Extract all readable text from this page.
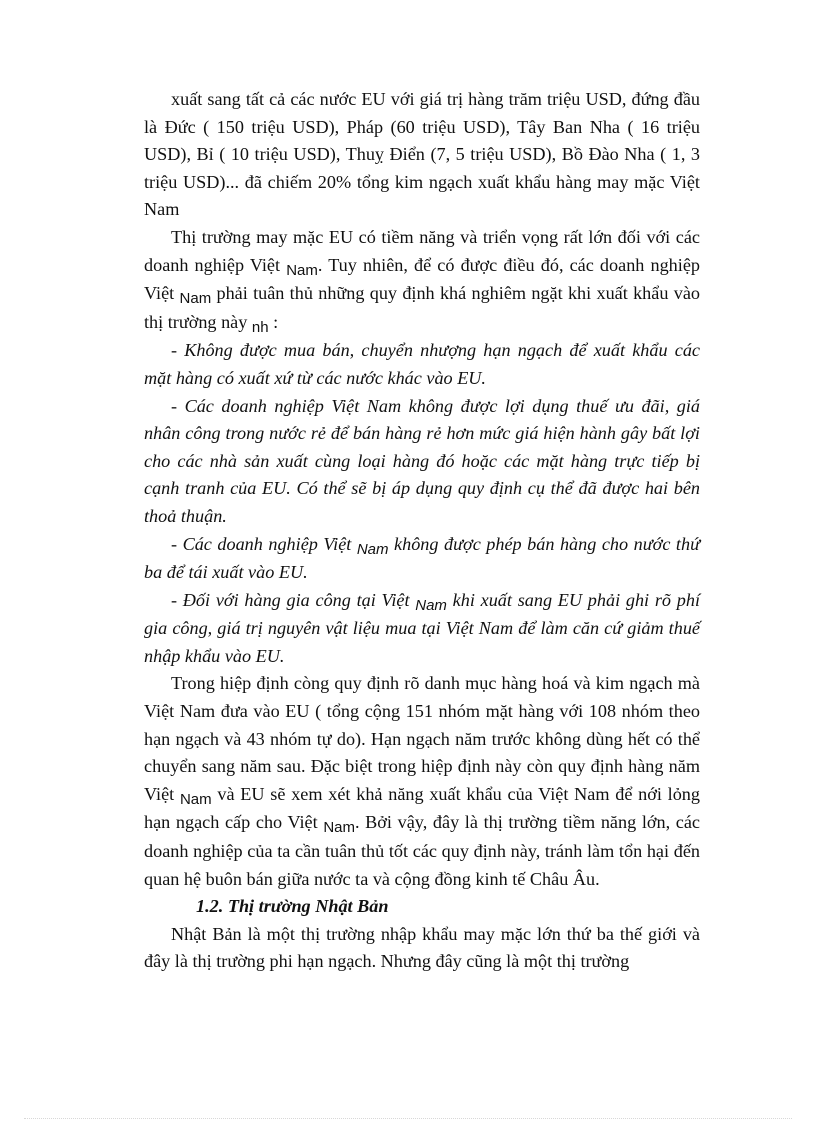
xuất sang tất cả các nước EU với giá trị hàng trăm triệu USD, đứng đầu là Đức ( 150 triệu USD), Pháp (60 triệu USD), Tây Ban Nha ( 16 triệu USD), Bỉ ( 10 triệu USD), Thuỵ Điển (7, 5 triệu USD), Bồ Đào Nha ( 1, 3 triệu USD)... đã chiếm 20% tổng kim ngạch xuất khẩu hàng may mặc Việt Nam

Thị trường may mặc EU có tiềm năng và triển vọng rất lớn đối với các doanh nghiệp Việt $_{Nam}$. Tuy nhiên, để có được điều đó, các doanh nghiệp Việt $_{Nam}$ phải tuân thủ những quy định khá nghiêm ngặt khi xuất khẩu vào thị trường này $_{nh}$ :

- Không được mua bán, chuyển nhượng hạn ngạch để xuất khẩu các mặt hàng có xuất xứ từ các nước khác vào EU.

- Các doanh nghiệp Việt Nam không được lợi dụng thuế ưu đãi, giá nhân công trong nước rẻ để bán hàng rẻ hơn mức giá hiện hành gây bất lợi cho các nhà sản xuất cùng loại hàng đó hoặc các mặt hàng trực tiếp bị cạnh tranh của EU. Có thể sẽ bị áp dụng quy định cụ thể đã được hai bên thoả thuận.

- Các doanh nghiệp Việt $_{Nam}$ không được phép bán hàng cho nước thứ ba để tái xuất vào EU.

- Đối với hàng gia công tại Việt $_{Nam}$ khi xuất sang EU phải ghi rõ phí gia công, giá trị nguyên vật liệu mua tại Việt Nam để làm căn cứ giảm thuế nhập khẩu vào EU.

Trong hiệp định còng quy định rõ danh mục hàng hoá và kim ngạch mà Việt Nam đưa vào EU ( tổng cộng 151 nhóm mặt hàng với 108 nhóm theo hạn ngạch và 43 nhóm tự do). Hạn ngạch năm trước không dùng hết có thể chuyển sang năm sau. Đặc biệt trong hiệp định này còn quy định hàng năm Việt $_{Nam}$ và EU sẽ xem xét khả năng xuất khẩu của Việt Nam để nới lỏng hạn ngạch cấp cho Việt $_{Nam}$. Bởi vậy, đây là thị trường tiềm năng lớn, các doanh nghiệp của ta cần tuân thủ tốt các quy định này, tránh làm tổn hại đến quan hệ buôn bán giữa nước ta và cộng đồng kinh tế Châu Âu.

1.2. Thị trường Nhật Bản

Nhật Bản là một thị trường nhập khẩu may mặc lớn thứ ba thế giới và đây là thị trường phi hạn ngạch. Nhưng đây cũng là một thị trường
